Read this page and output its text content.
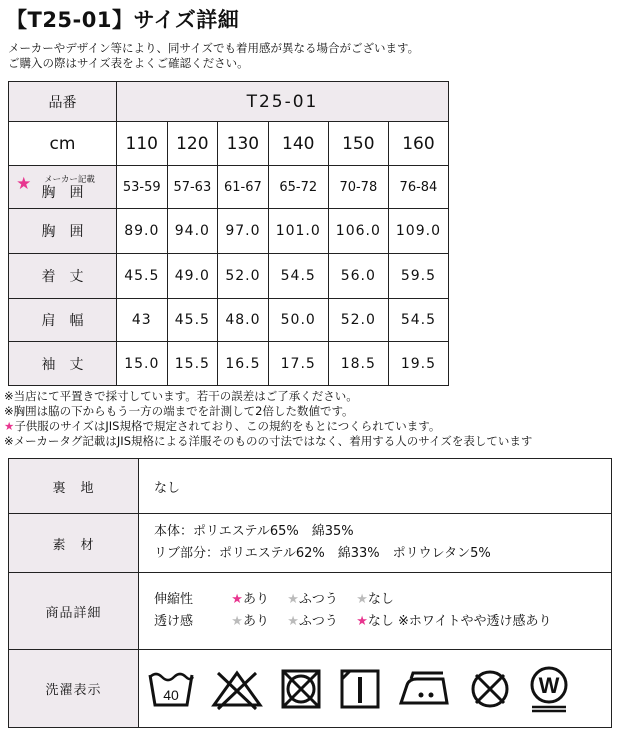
【T25-01】サイズ詳細
メーカーやデザイン等により、同サイズでも着用感が異なる場合がございます。
ご購入の際はサイズ表をよくご確認ください。
品番	T25-01					
cm	110	120	130	140	150	160

★ メーカー記載
胸　囲	53-59	57-63	61-67	65-72	70-78	76-84
胸　囲	89.0	94.0	97.0	101.0	106.0	109.0
着　丈	45.5	49.0	52.0	54.5	56.0	59.5
肩　幅	43	45.5	48.0	50.0	52.0	54.5
袖　丈	15.0	15.5	16.5	17.5	18.5	19.5
※当店にて平置きで採寸しています。若干の誤差はご了承ください。
※胸囲は脇の下からもう一方の端までを計測して2倍した数値です。
★子供服のサイズはJIS規格で規定されており、この規約をもとにつくられています。
※メーカータグ記載はJIS規格による洋服そのものの寸法ではなく、着用する人のサイズを表しています
裏　地	なし
素　材	本体：ポリエステル65%　綿35%
リブ部分：ポリエステル62%　綿33%　ポリウレタン5%

商品詳細	伸縮性 ★あり ★ふつう ★なし
透け感 ★あり ★ふつう ★なし ※ホワイトやや透け感あり

洗濯表示	40 W
